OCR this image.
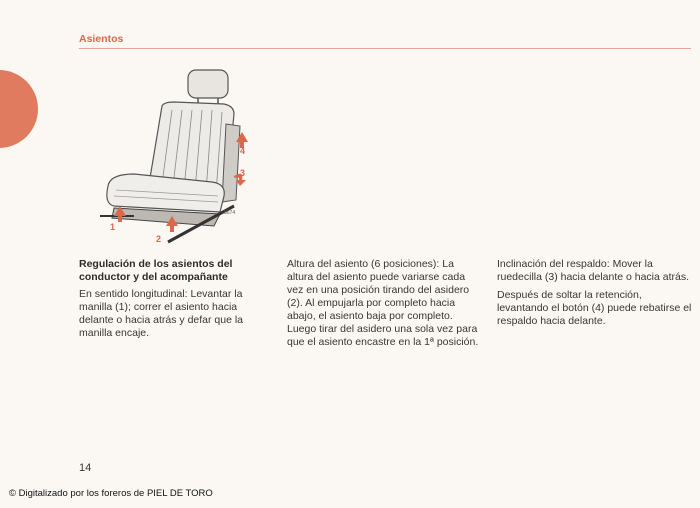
Asientos
1
2
3
4
8674

Regulación de los asientos del conductor y del acompañante

En sentido longitudinal: Levantar la manilla (1); correr el asiento hacia delante o hacia atrás y defar que la manilla encaje.

Altura del asiento (6 posiciones): La altura del asiento puede variarse cada vez en una posición tirando del asidero (2). Al empujarla por completo hacia abajo, el asiento baja por completo. Luego tirar del asidero una sola vez para que el asiento encastre en la 1ª posición.

Inclinación del respaldo: Mover la ruedecilla (3) hacia delante o hacia atrás.

Después de soltar la retención, levantando el botón (4) puede rebatirse el respaldo hacia delante.

14
© Digitalizado por los foreros de PIEL DE TORO
